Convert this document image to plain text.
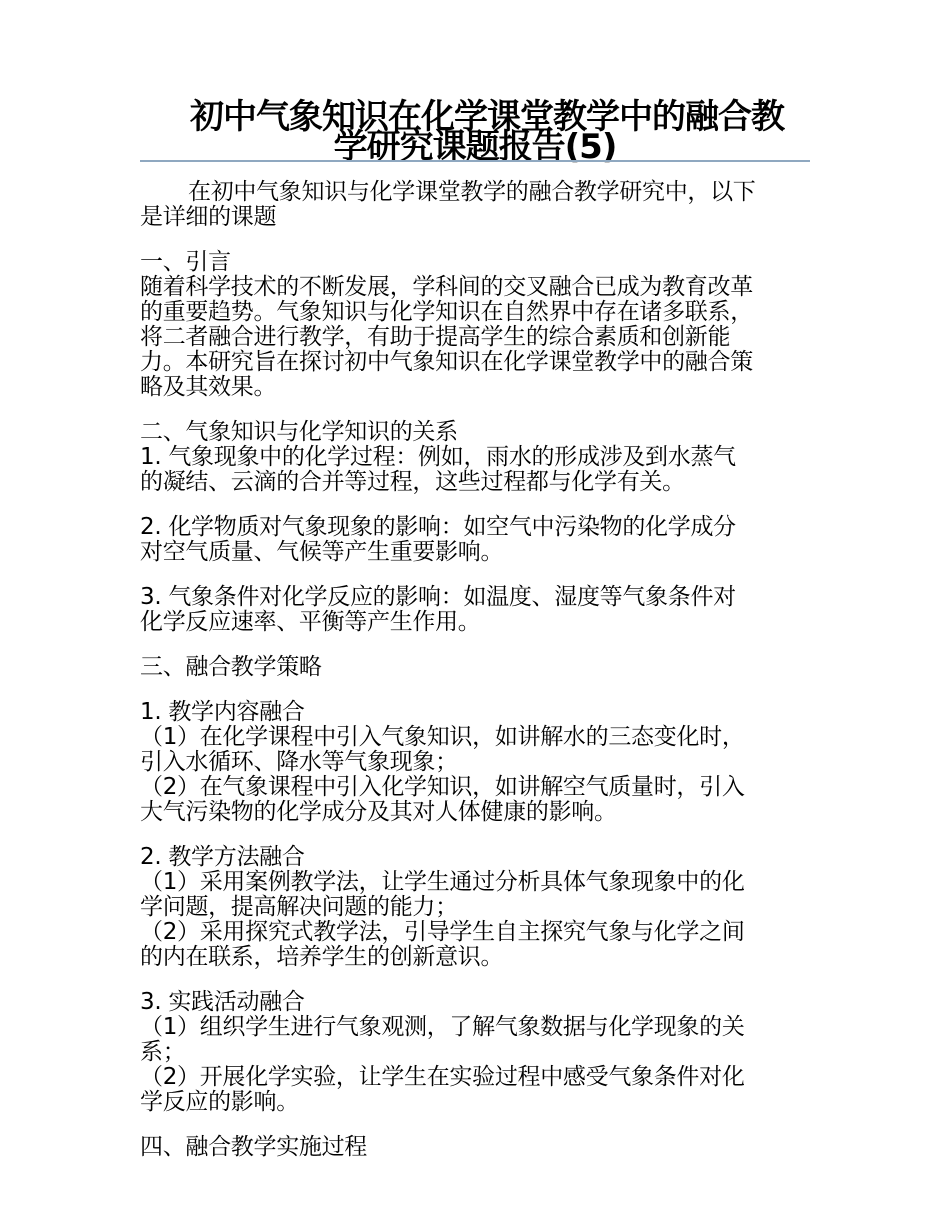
初中气象知识在化学课堂教学中的融合教
学研究课题报告(5)

在初中气象知识与化学课堂教学的融合教学研究中，以下
是详细的课题

一、引言

随着科学技术的不断发展，学科间的交叉融合已成为教育改革
的重要趋势。气象知识与化学知识在自然界中存在诸多联系，
将二者融合进行教学，有助于提高学生的综合素质和创新能
力。本研究旨在探讨初中气象知识在化学课堂教学中的融合策
略及其效果。

二、气象知识与化学知识的关系

1. 气象现象中的化学过程：例如，雨水的形成涉及到水蒸气
的凝结、云滴的合并等过程，这些过程都与化学有关。

2. 化学物质对气象现象的影响：如空气中污染物的化学成分
对空气质量、气候等产生重要影响。

3. 气象条件对化学反应的影响：如温度、湿度等气象条件对
化学反应速率、平衡等产生作用。

三、融合教学策略

1. 教学内容融合

（1）在化学课程中引入气象知识，如讲解水的三态变化时，
引入水循环、降水等气象现象；
（2）在气象课程中引入化学知识，如讲解空气质量时，引入
大气污染物的化学成分及其对人体健康的影响。

2. 教学方法融合

（1）采用案例教学法，让学生通过分析具体气象现象中的化
学问题，提高解决问题的能力；
（2）采用探究式教学法，引导学生自主探究气象与化学之间
的内在联系，培养学生的创新意识。

3. 实践活动融合

（1）组织学生进行气象观测，了解气象数据与化学现象的关
系；
（2）开展化学实验，让学生在实验过程中感受气象条件对化
学反应的影响。

四、融合教学实施过程
